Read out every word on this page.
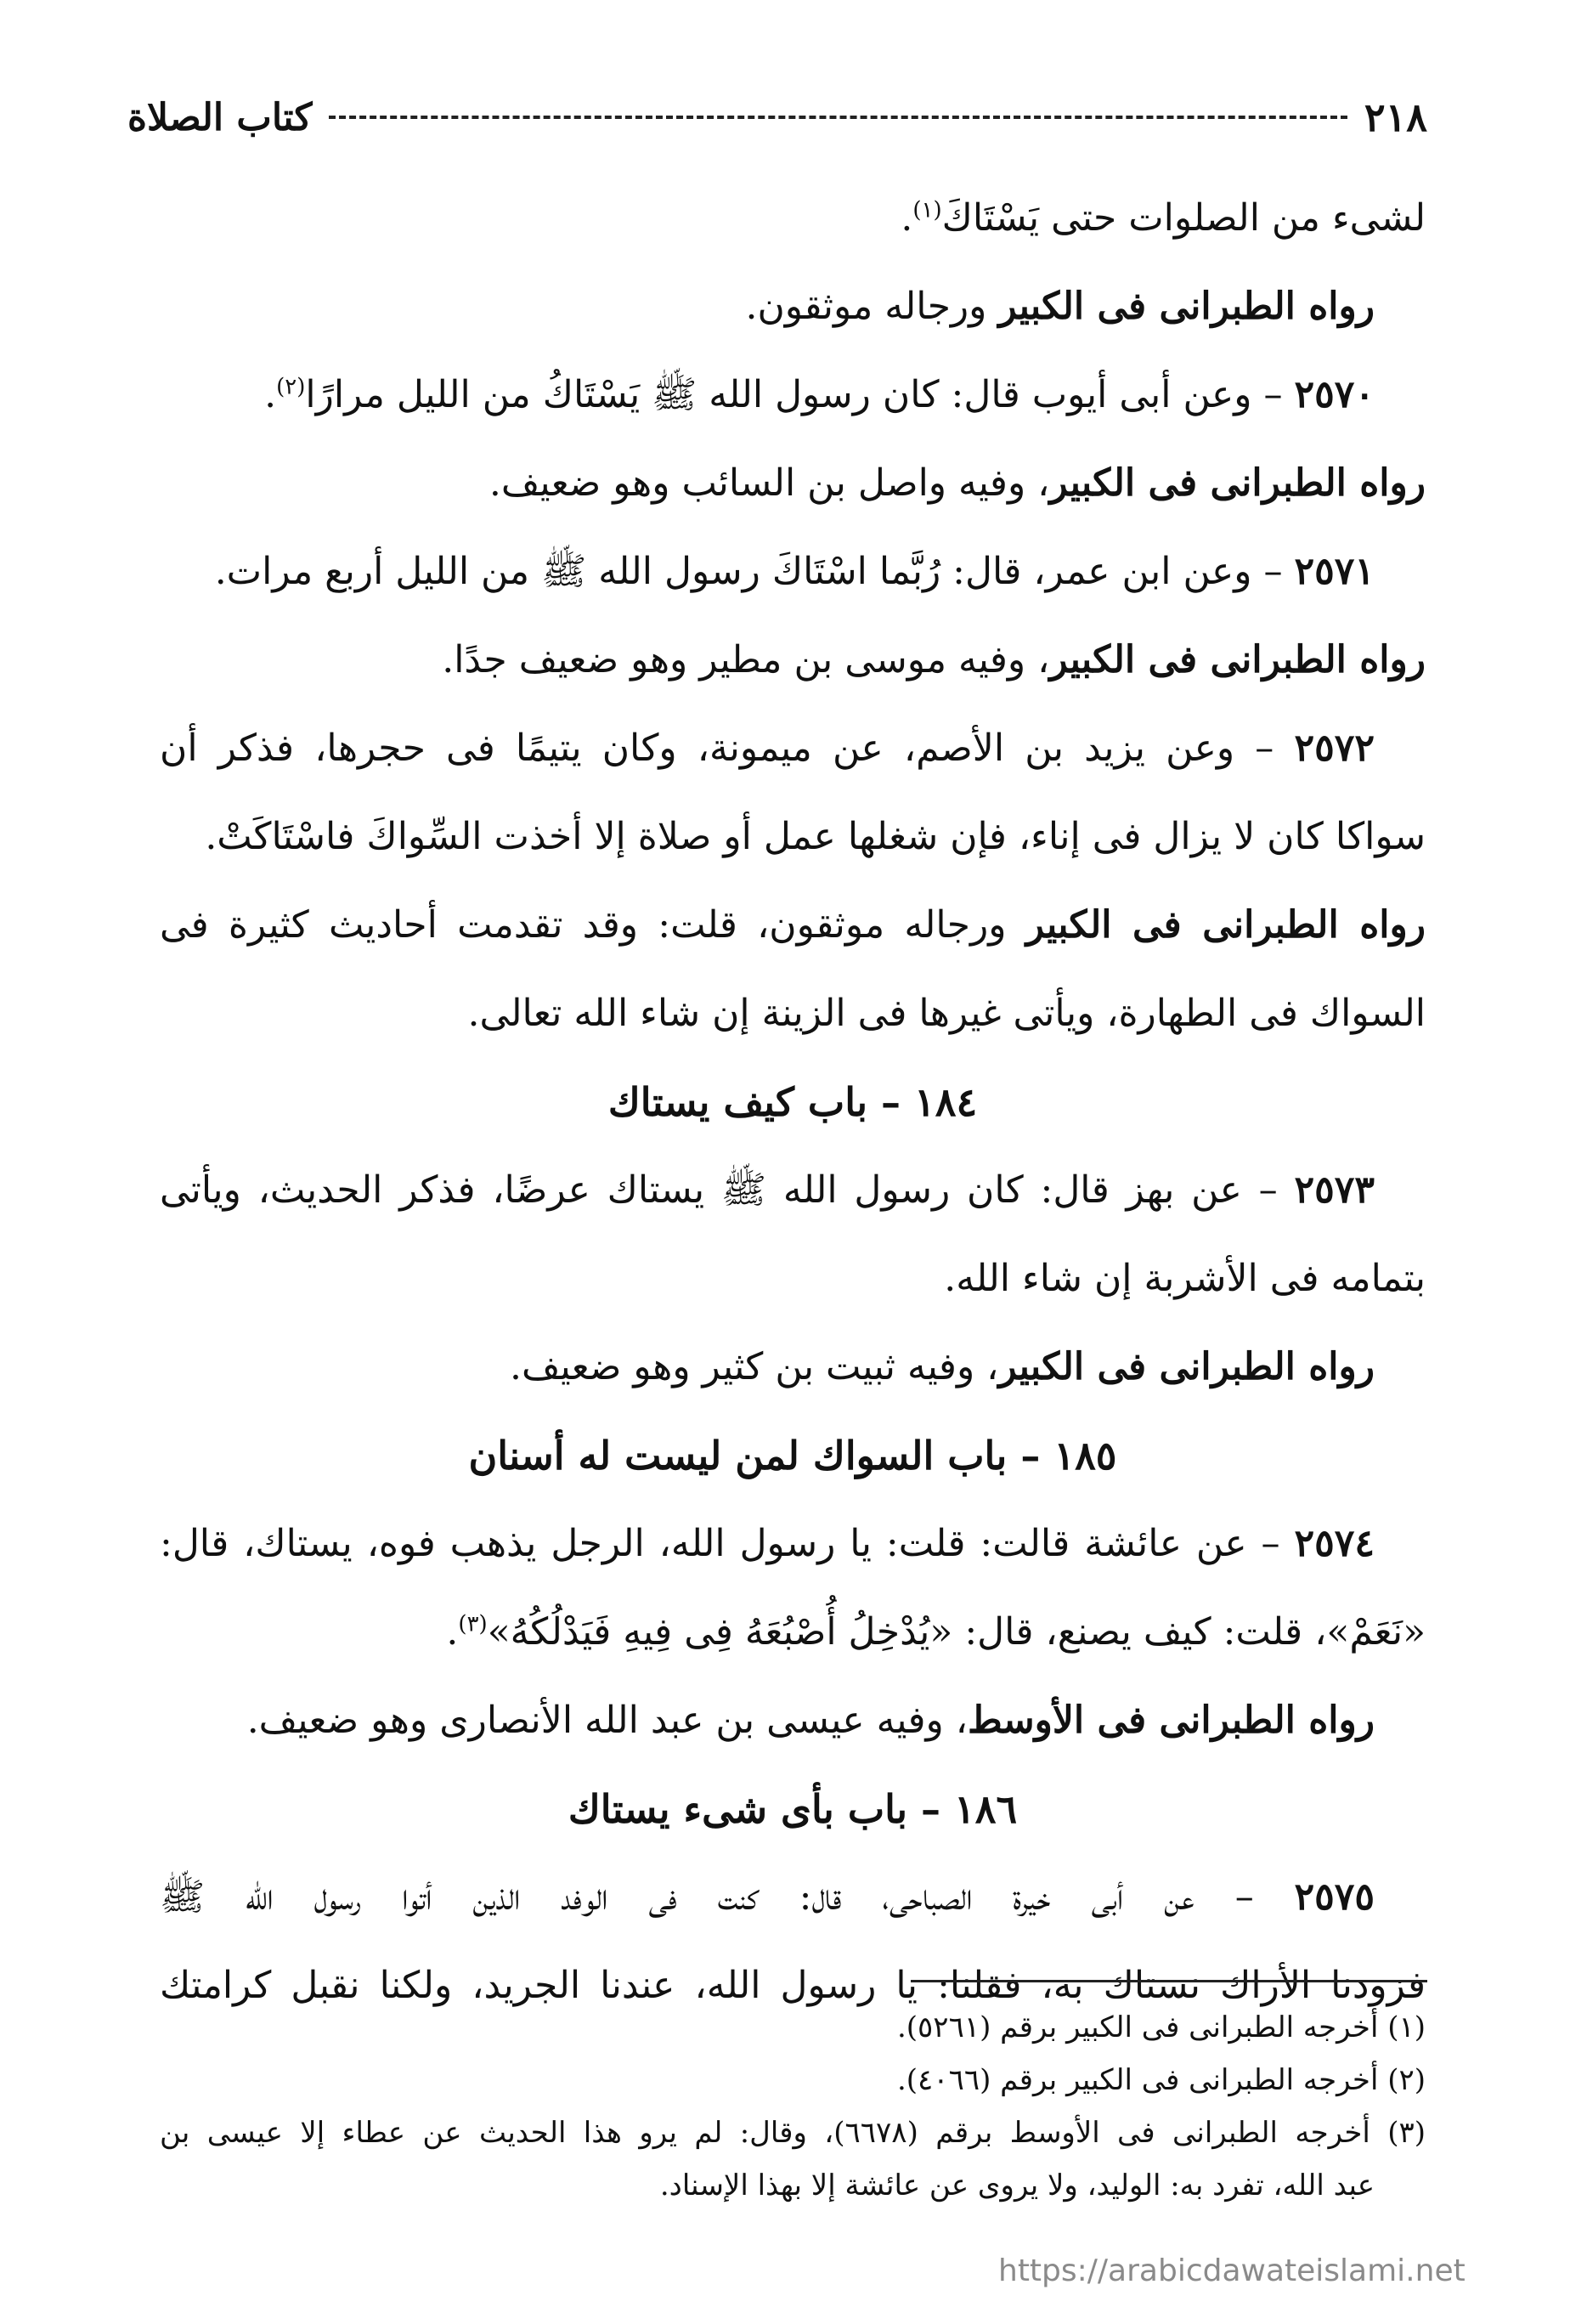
٢١٨
كتاب الصلاة

لشىء من الصلوات حتى يَسْتَاكَ$^{(١)}$.

رواه الطبرانى فى الكبير ورجاله موثقون.

٢٥٧٠ – وعن أبى أيوب قال: كان رسول الله ﷺ يَسْتَاكُ من الليل مرارًا$^{(٢)}$.

رواه الطبرانى فى الكبير، وفيه واصل بن السائب وهو ضعيف.

٢٥٧١ – وعن ابن عمر، قال: رُبَّما اسْتَاكَ رسول الله ﷺ من الليل أربع مرات.

رواه الطبرانى فى الكبير، وفيه موسى بن مطير وهو ضعيف جدًا.

٢٥٧٢ – وعن يزيد بن الأصم، عن ميمونة، وكان يتيمًا فى حجرها، فذكر أن

سواكا كان لا يزال فى إناء، فإن شغلها عمل أو صلاة إلا أخذت السِّواكَ فاسْتَاكَتْ.

رواه الطبرانى فى الكبير ورجاله موثقون، قلت: وقد تقدمت أحاديث كثيرة فى

السواك فى الطهارة، ويأتى غيرها فى الزينة إن شاء الله تعالى.

١٨٤ – باب كيف يستاك

٢٥٧٣ – عن بهز قال: كان رسول الله ﷺ يستاك عرضًا، فذكر الحديث، ويأتى

بتمامه فى الأشربة إن شاء الله.

رواه الطبرانى فى الكبير، وفيه ثبيت بن كثير وهو ضعيف.

١٨٥ – باب السواك لمن ليست له أسنان

٢٥٧٤ – عن عائشة قالت: قلت: يا رسول الله، الرجل يذهب فوه، يستاك، قال:

«نَعَمْ»، قلت: كيف يصنع، قال: «يُدْخِلُ أُصْبُعَهُ فِى فِيهِ فَيَدْلُكُهُ»$^{(٣)}$.

رواه الطبرانى فى الأوسط، وفيه عيسى بن عبد الله الأنصارى وهو ضعيف.

١٨٦ – باب بأى شىء يستاك

٢٥٧٥ – عن أبى خيرة الصباحى، قال: كنت فى الوفد الذين أتوا رسول الله ﷺ

فزودنا الأراك نستاك به، فقلنا: يا رسول الله، عندنا الجريد، ولكنا نقبل كرامتك

(١) أخرجه الطبرانى فى الكبير برقم (٥٢٦١).

(٢) أخرجه الطبرانى فى الكبير برقم (٤٠٦٦).

(٣) أخرجه الطبرانى فى الأوسط برقم (٦٦٧٨)، وقال: لم يرو هذا الحديث عن عطاء إلا عيسى بن

عبد الله، تفرد به: الوليد، ولا يروى عن عائشة إلا بهذا الإسناد.

https://arabicdawateislami.net
